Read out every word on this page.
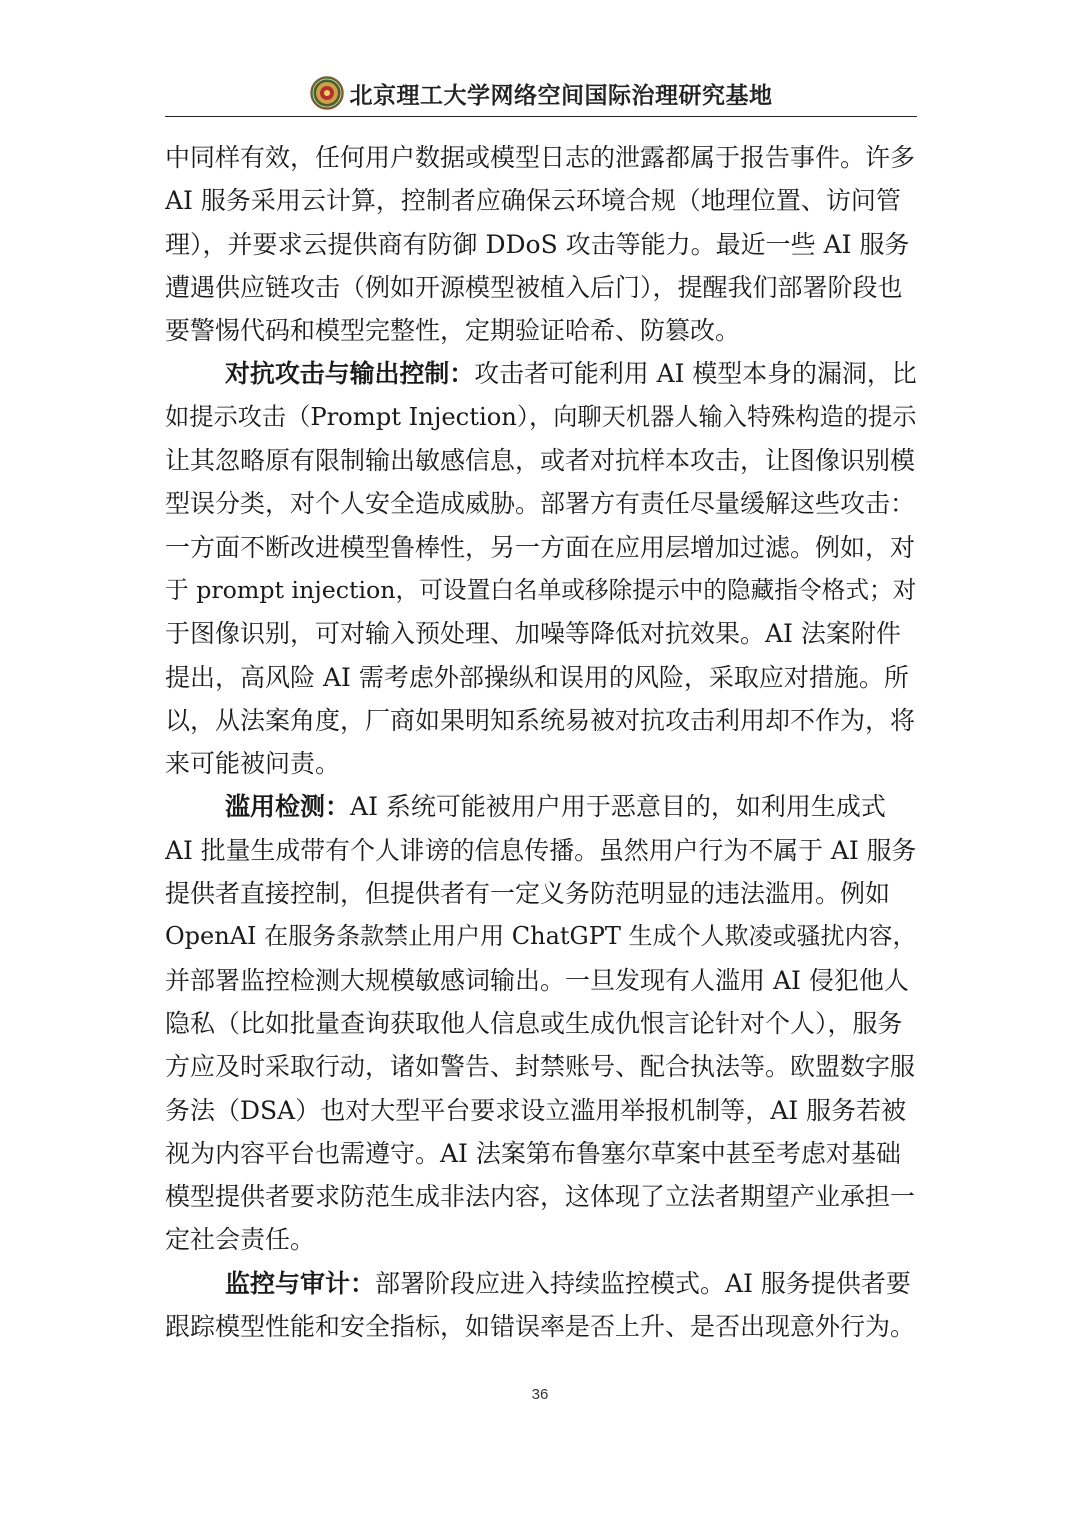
北京理工大学网络空间国际治理研究基地

中同样有效，任何用户数据或模型日志的泄露都属于报告事件。许多
AI 服务采用云计算，控制者应确保云环境合规（地理位置、访问管
理），并要求云提供商有防御 DDoS 攻击等能力。最近一些 AI 服务
遭遇供应链攻击（例如开源模型被植入后门），提醒我们部署阶段也
要警惕代码和模型完整性，定期验证哈希、防篡改。

对抗攻击与输出控制：攻击者可能利用 AI 模型本身的漏洞，比
如提示攻击（Prompt Injection），向聊天机器人输入特殊构造的提示
让其忽略原有限制输出敏感信息，或者对抗样本攻击，让图像识别模
型误分类，对个人安全造成威胁。部署方有责任尽量缓解这些攻击：
一方面不断改进模型鲁棒性，另一方面在应用层增加过滤。例如，对
于 prompt injection，可设置白名单或移除提示中的隐藏指令格式；对
于图像识别，可对输入预处理、加噪等降低对抗效果。AI 法案附件
提出，高风险 AI 需考虑外部操纵和误用的风险，采取应对措施。所
以，从法案角度，厂商如果明知系统易被对抗攻击利用却不作为，将
来可能被问责。

滥用检测：AI 系统可能被用户用于恶意目的，如利用生成式
AI 批量生成带有个人诽谤的信息传播。虽然用户行为不属于 AI 服务
提供者直接控制，但提供者有一定义务防范明显的违法滥用。例如
OpenAI 在服务条款禁止用户用 ChatGPT 生成个人欺凌或骚扰内容，
并部署监控检测大规模敏感词输出。一旦发现有人滥用 AI 侵犯他人
隐私（比如批量查询获取他人信息或生成仇恨言论针对个人），服务
方应及时采取行动，诸如警告、封禁账号、配合执法等。欧盟数字服
务法（DSA）也对大型平台要求设立滥用举报机制等，AI 服务若被
视为内容平台也需遵守。AI 法案第布鲁塞尔草案中甚至考虑对基础
模型提供者要求防范生成非法内容，这体现了立法者期望产业承担一
定社会责任。

监控与审计：部署阶段应进入持续监控模式。AI 服务提供者要
跟踪模型性能和安全指标，如错误率是否上升、是否出现意外行为。

36
